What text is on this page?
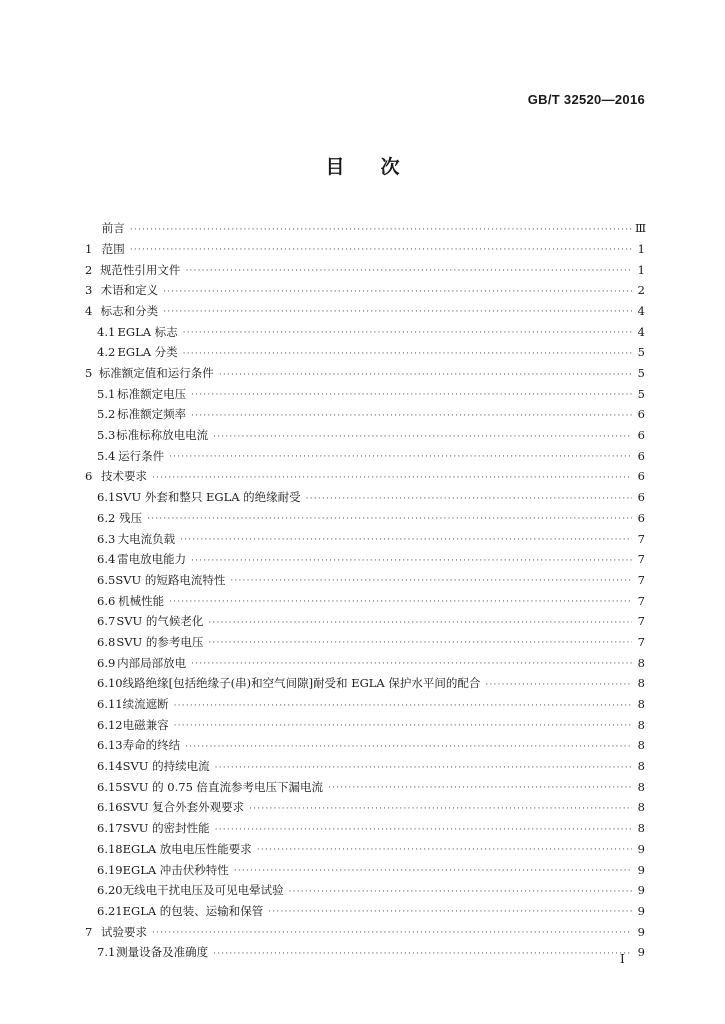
GB/T 32520—2016
目 次
前言 ·····	Ⅲ
1 范围 ·····	1
2 规范性引用文件 ·····	1
3 术语和定义 ·····	2
4 标志和分类 ·····	4
4.1 EGLA 标志 ·····	4
4.2 EGLA 分类 ·····	5
5 标准额定值和运行条件 ·····	5
5.1 标准额定电压 ·····	5
5.2 标准额定频率 ·····	6
5.3 标准标称放电电流 ·····	6
5.4 运行条件 ·····	6
6 技术要求 ·····	6
6.1 SVU 外套和整只 EGLA 的绝缘耐受 ·····	6
6.2 残压 ·····	6
6.3 大电流负载 ·····	7
6.4 雷电放电能力 ·····	7
6.5 SVU 的短路电流特性 ·····	7
6.6 机械性能 ·····	7
6.7 SVU 的气候老化 ·····	7
6.8 SVU 的参考电压 ·····	7
6.9 内部局部放电 ·····	8
6.10 线路绝缘[包括绝缘子(串)和空气间隙]耐受和 EGLA 保护水平间的配合 ·····	8
6.11 续流遮断 ·····	8
6.12 电磁兼容 ·····	8
6.13 寿命的终结 ·····	8
6.14 SVU 的持续电流 ·····	8
6.15 SVU 的 0.75 倍直流参考电压下漏电流 ·····	8
6.16 SVU 复合外套外观要求 ·····	8
6.17 SVU 的密封性能 ·····	8
6.18 EGLA 放电电压性能要求 ·····	9
6.19 EGLA 冲击伏秒特性 ·····	9
6.20 无线电干扰电压及可见电晕试验 ·····	9
6.21 EGLA 的包装、运输和保管 ·····	9
7 试验要求 ·····	9
7.1 测量设备及准确度 ·····	9
I
